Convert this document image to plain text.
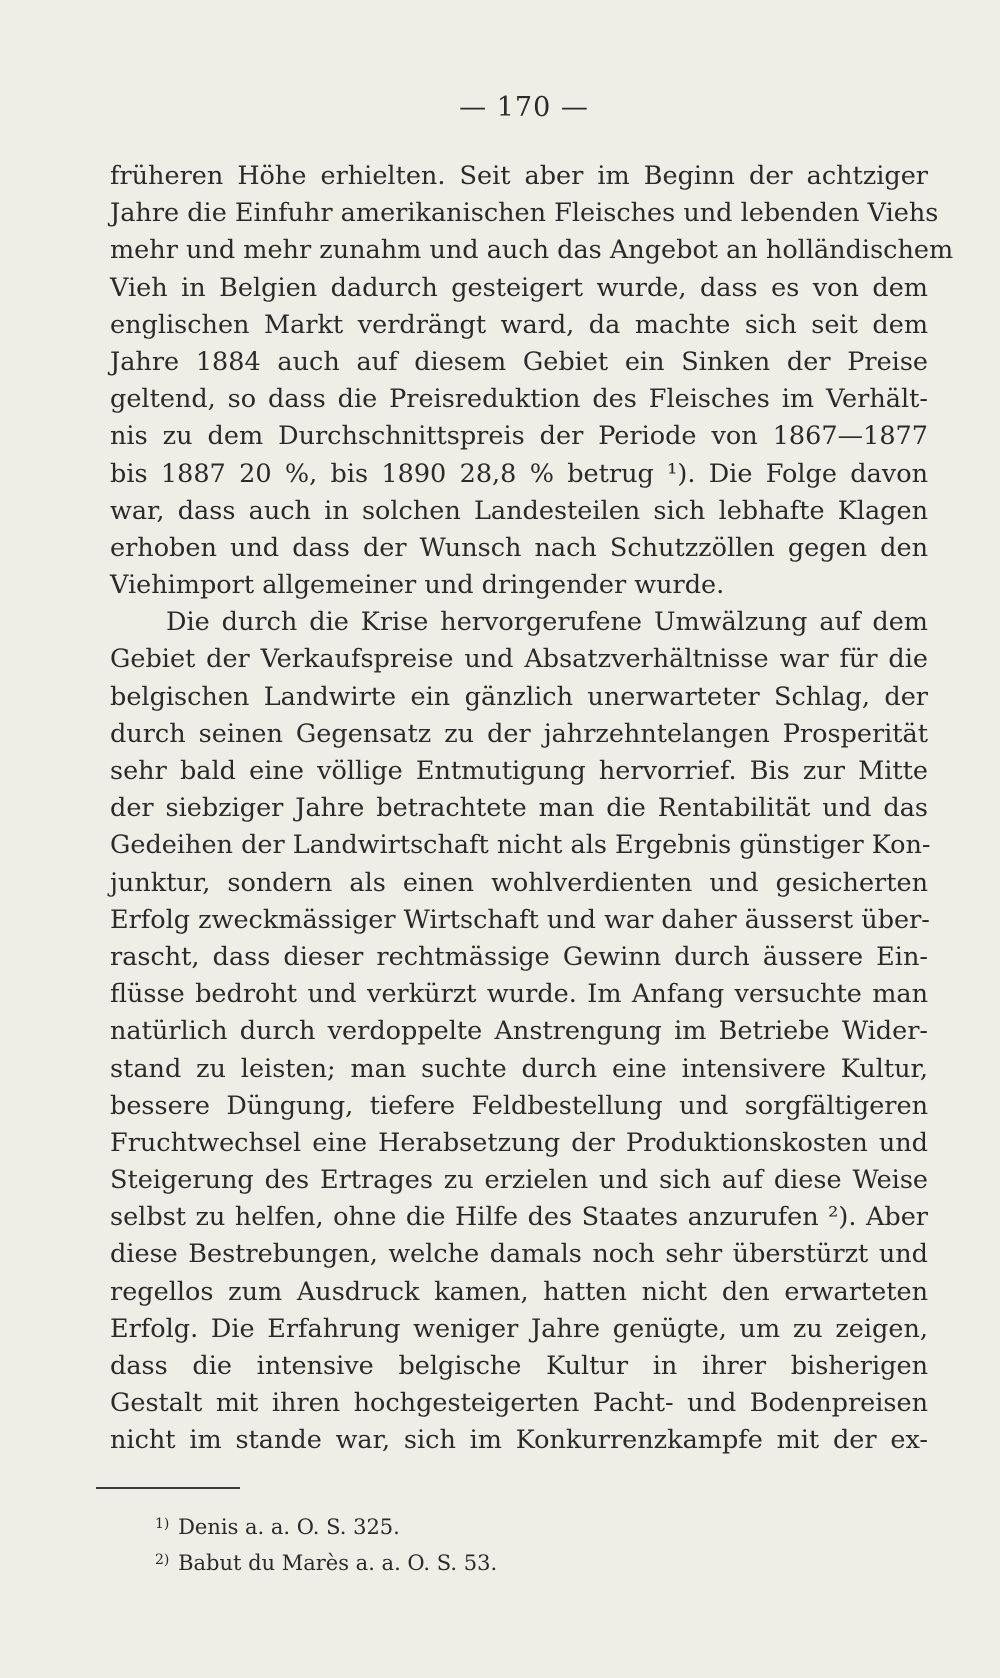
— 170 —
früheren Höhe erhielten. Seit aber im Beginn der achtziger
Jahre die Einfuhr amerikanischen Fleisches und lebenden Viehs
mehr und mehr zunahm und auch das Angebot an holländischem
Vieh in Belgien dadurch gesteigert wurde, dass es von dem
englischen Markt verdrängt ward, da machte sich seit dem
Jahre 1884 auch auf diesem Gebiet ein Sinken der Preise
geltend, so dass die Preisreduktion des Fleisches im Verhält-
nis zu dem Durchschnittspreis der Periode von 1867—1877
bis 1887 20 %, bis 1890 28,8 % betrug ¹). Die Folge davon
war, dass auch in solchen Landesteilen sich lebhafte Klagen
erhoben und dass der Wunsch nach Schutzzöllen gegen den
Viehimport allgemeiner und dringender wurde.
Die durch die Krise hervorgerufene Umwälzung auf dem
Gebiet der Verkaufspreise und Absatzverhältnisse war für die
belgischen Landwirte ein gänzlich unerwarteter Schlag, der
durch seinen Gegensatz zu der jahrzehntelangen Prosperität
sehr bald eine völlige Entmutigung hervorrief. Bis zur Mitte
der siebziger Jahre betrachtete man die Rentabilität und das
Gedeihen der Landwirtschaft nicht als Ergebnis günstiger Kon-
junktur, sondern als einen wohlverdienten und gesicherten
Erfolg zweckmässiger Wirtschaft und war daher äusserst über-
rascht, dass dieser rechtmässige Gewinn durch äussere Ein-
flüsse bedroht und verkürzt wurde. Im Anfang versuchte man
natürlich durch verdoppelte Anstrengung im Betriebe Wider-
stand zu leisten; man suchte durch eine intensivere Kultur,
bessere Düngung, tiefere Feldbestellung und sorgfältigeren
Fruchtwechsel eine Herabsetzung der Produktionskosten und
Steigerung des Ertrages zu erzielen und sich auf diese Weise
selbst zu helfen, ohne die Hilfe des Staates anzurufen ²). Aber
diese Bestrebungen, welche damals noch sehr überstürzt und
regellos zum Ausdruck kamen, hatten nicht den erwarteten
Erfolg. Die Erfahrung weniger Jahre genügte, um zu zeigen,
dass die intensive belgische Kultur in ihrer bisherigen
Gestalt mit ihren hochgesteigerten Pacht- und Bodenpreisen
nicht im stande war, sich im Konkurrenzkampfe mit der ex-
$^{1)}$ Denis a. a. O. S. 325.
$^{2)}$ Babut du Marès a. a. O. S. 53.
